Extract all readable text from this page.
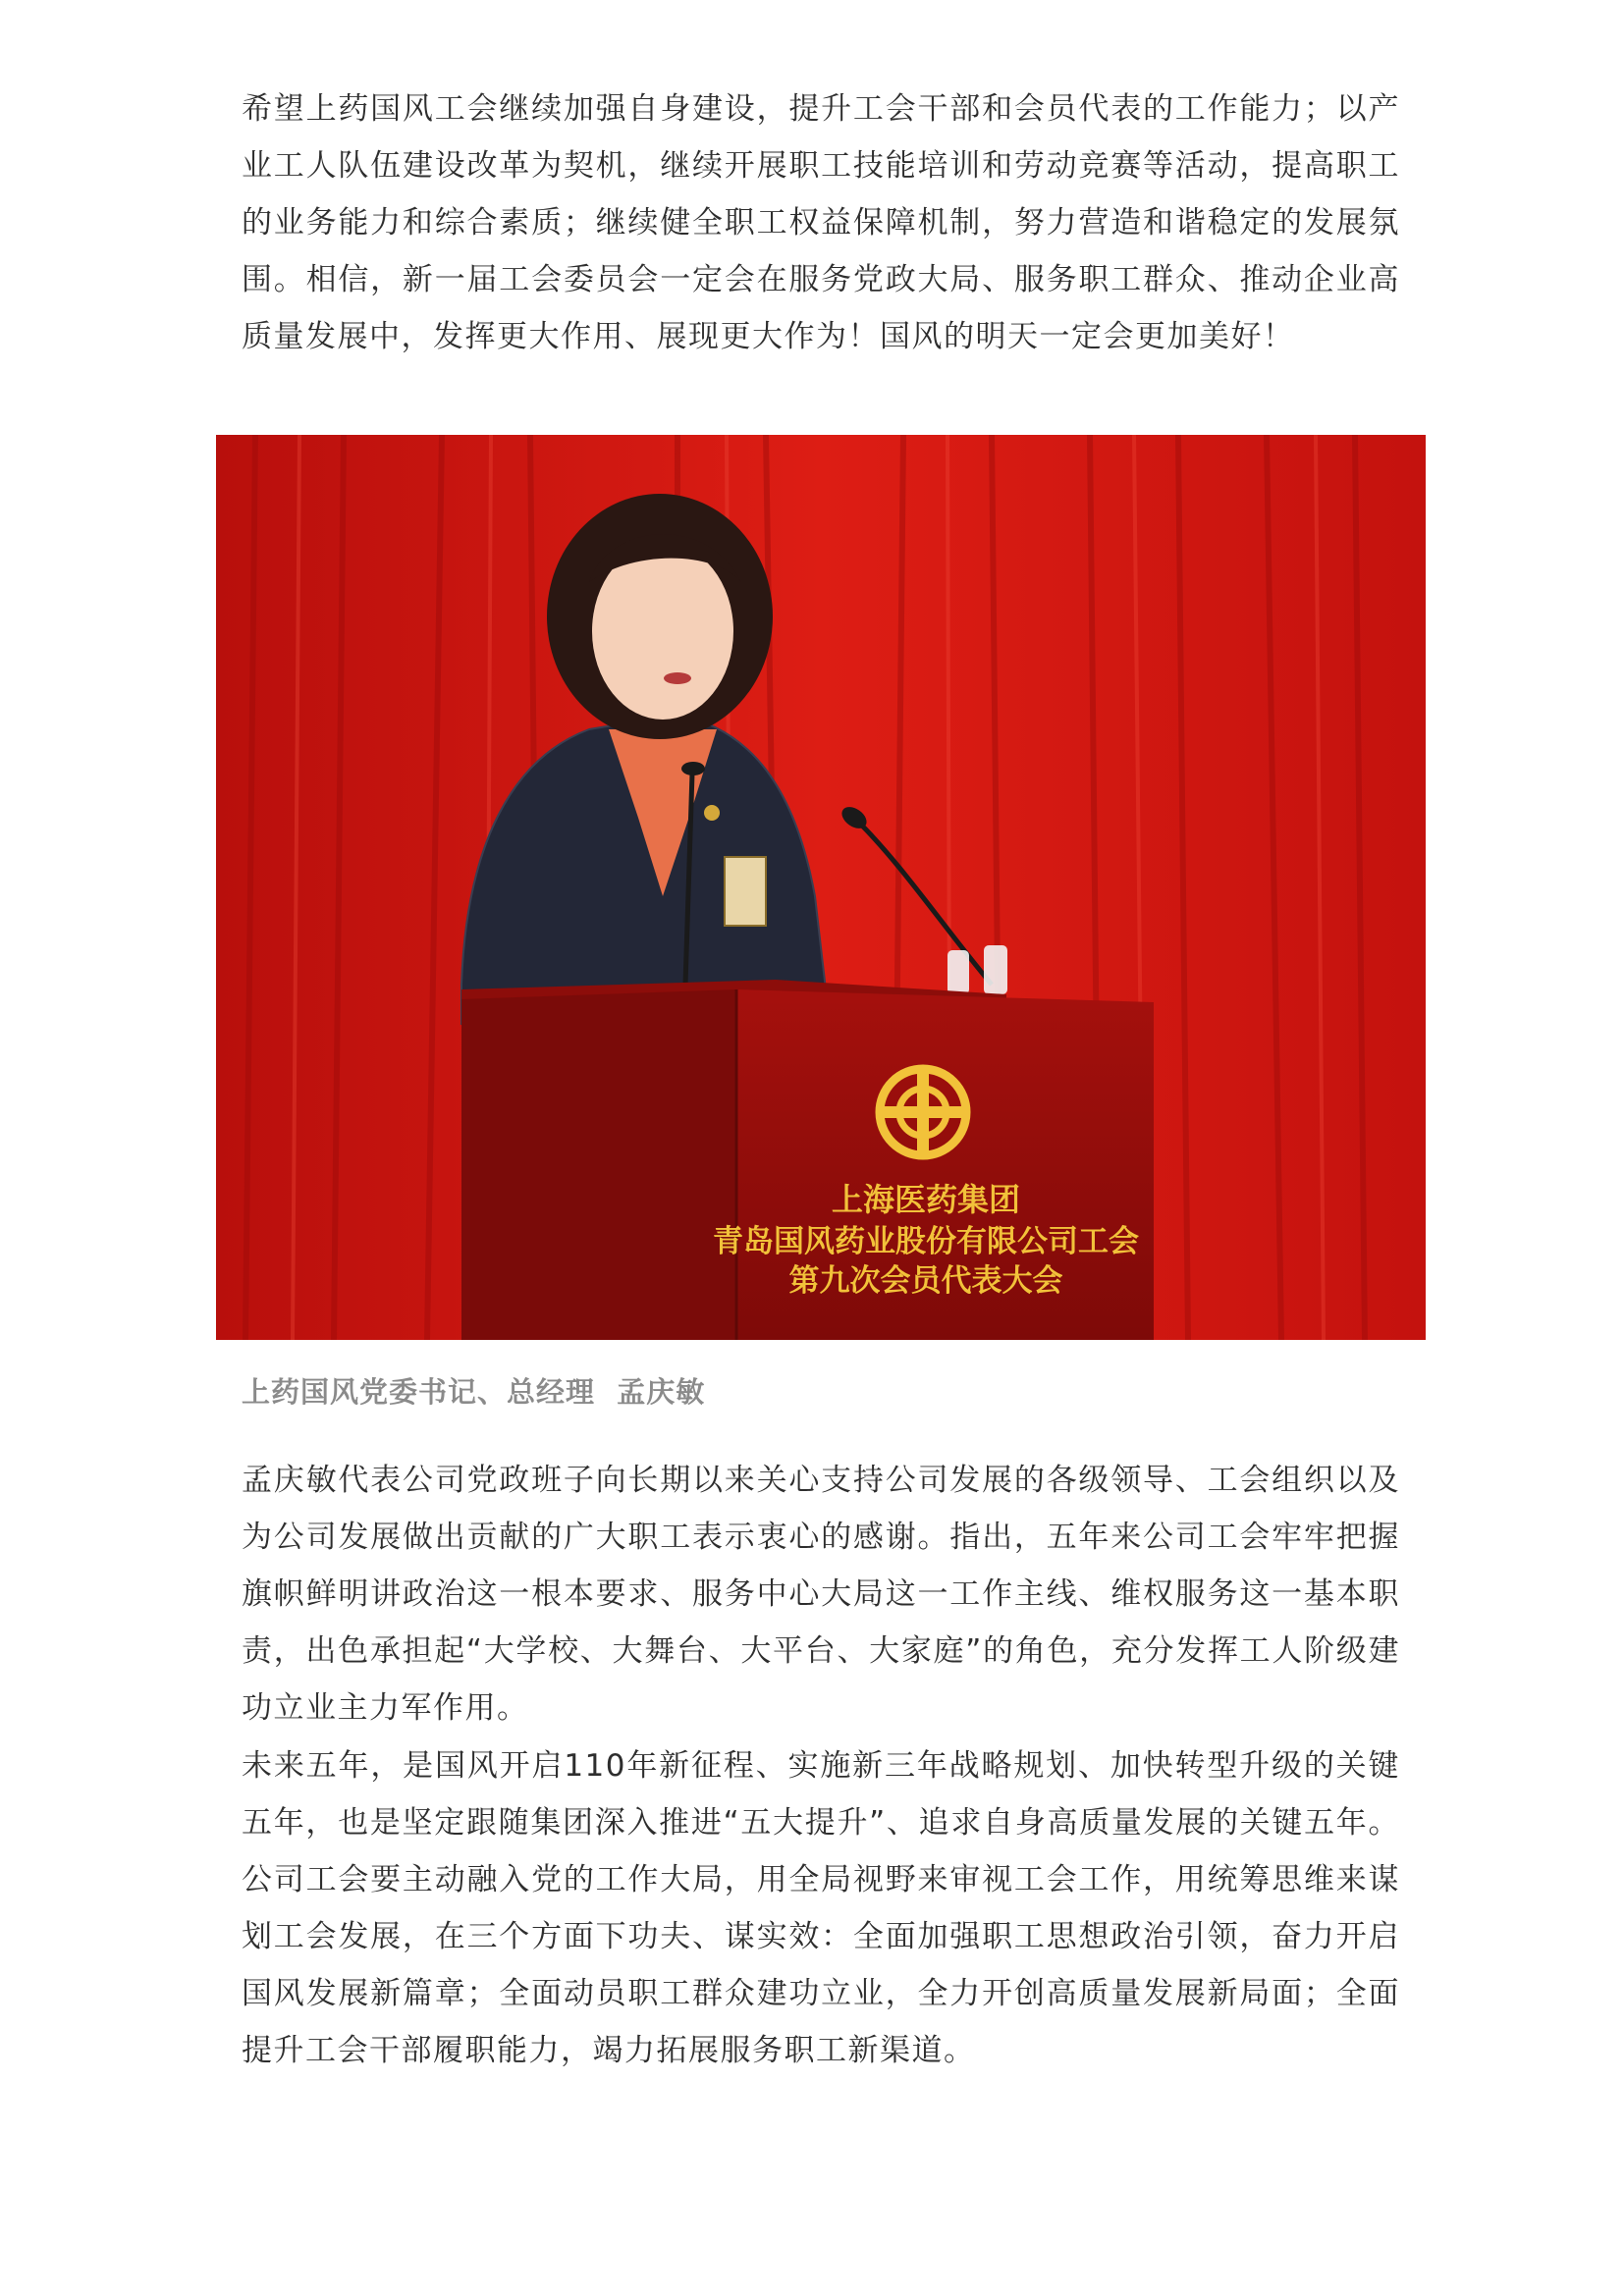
希望上药国风工会继续加强自身建设，提升工会干部和会员代表的工作能力；以产业工人队伍建设改革为契机，继续开展职工技能培训和劳动竞赛等活动，提高职工的业务能力和综合素质；继续健全职工权益保障机制，努力营造和谐稳定的发展氛围。相信，新一届工会委员会一定会在服务党政大局、服务职工群众、推动企业高质量发展中，发挥更大作用、展现更大作为！国风的明天一定会更加美好！

上海医药集团
青岛国风药业股份有限公司工会
第九次会员代表大会
上药国风党委书记、总经理  孟庆敏

孟庆敏代表公司党政班子向长期以来关心支持公司发展的各级领导、工会组织以及为公司发展做出贡献的广大职工表示衷心的感谢。指出，五年来公司工会牢牢把握旗帜鲜明讲政治这一根本要求、服务中心大局这一工作主线、维权服务这一基本职责，出色承担起“大学校、大舞台、大平台、大家庭”的角色，充分发挥工人阶级建功立业主力军作用。

未来五年，是国风开启110年新征程、实施新三年战略规划、加快转型升级的关键五年，也是坚定跟随集团深入推进“五大提升”、追求自身高质量发展的关键五年。公司工会要主动融入党的工作大局，用全局视野来审视工会工作，用统筹思维来谋划工会发展，在三个方面下功夫、谋实效：全面加强职工思想政治引领，奋力开启国风发展新篇章；全面动员职工群众建功立业，全力开创高质量发展新局面；全面提升工会干部履职能力，竭力拓展服务职工新渠道。
